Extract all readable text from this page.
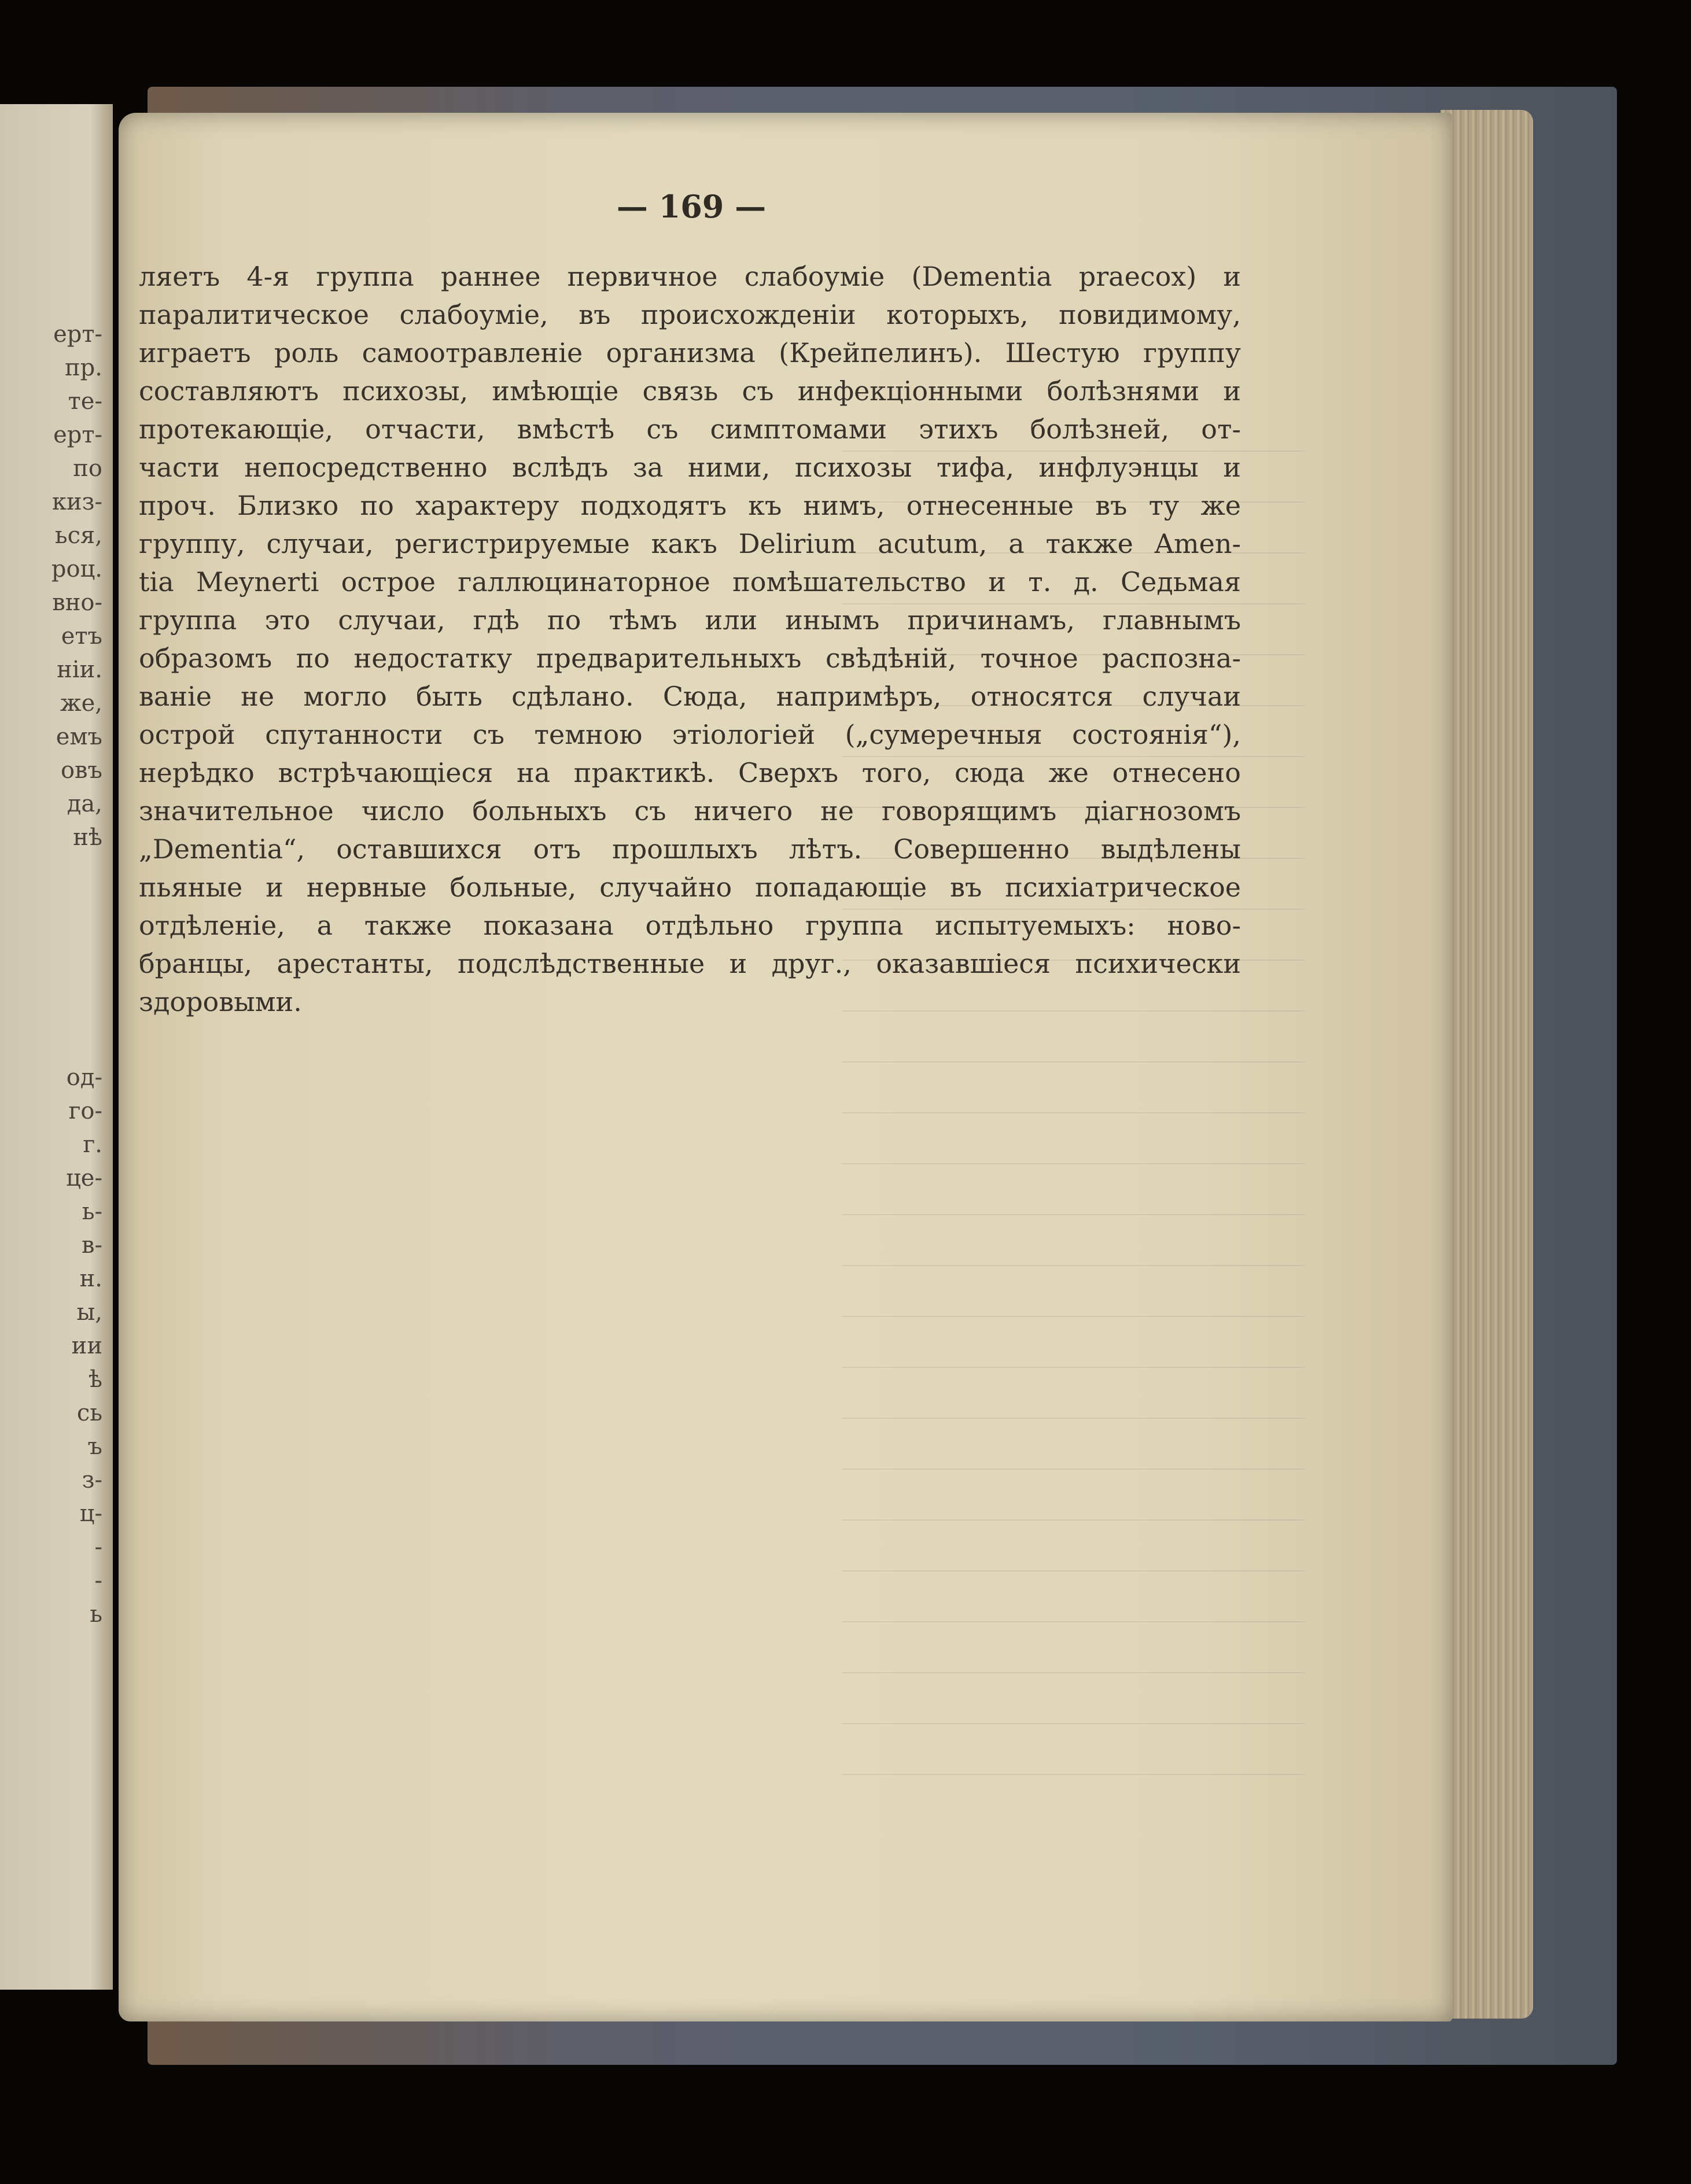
ерт-

пр.

те-

ерт-

по

киз-

ься,

роц.

вно-

етъ

ніи.

же,

емъ

овъ

да,

нѣ

од-

го-

г.

це-

ь-

в-

н.

ы,

ии

ѣ

сь

ъ

з-

ц-

-

-

ь

— 169 —

ляетъ 4-я группа раннее первичное слабоуміе (Dementia praecox) и
паралитическое слабоуміе, въ происхожденіи которыхъ, повидимому,
играетъ роль самоотравленіе организма (Крейпелинъ). Шестую группу
составляютъ психозы, имѣющіе связь съ инфекціонными болѣзнями и
протекающіе, отчасти, вмѣстѣ съ симптомами этихъ болѣзней, от-
части непосредственно вслѣдъ за ними, психозы тифа, инфлуэнцы и
проч. Близко по характеру подходятъ къ нимъ, отнесенные въ ту же
группу, случаи, регистрируемые какъ Delirium acutum, а также Amen-
tia Meynerti острое галлюцинаторное помѣшательство и т. д. Седьмая
группа это случаи, гдѣ по тѣмъ или инымъ причинамъ, главнымъ
образомъ по недостатку предварительныхъ свѣдѣній, точное распозна-
ваніе не могло быть сдѣлано. Сюда, напримѣръ, относятся случаи
острой спутанности съ темною этіологіей („сумеречныя состоянія“),
нерѣдко встрѣчающіеся на практикѣ. Сверхъ того, сюда же отнесено
значительное число больныхъ съ ничего не говорящимъ діагнозомъ
„Dementia“, оставшихся отъ прошлыхъ лѣтъ. Совершенно выдѣлены
пьяные и нервные больные, случайно попадающіе въ психіатрическое
отдѣленіе, а также показана отдѣльно группа испытуемыхъ: ново-
бранцы, арестанты, подслѣдственные и друг., оказавшіеся психически
здоровыми.
